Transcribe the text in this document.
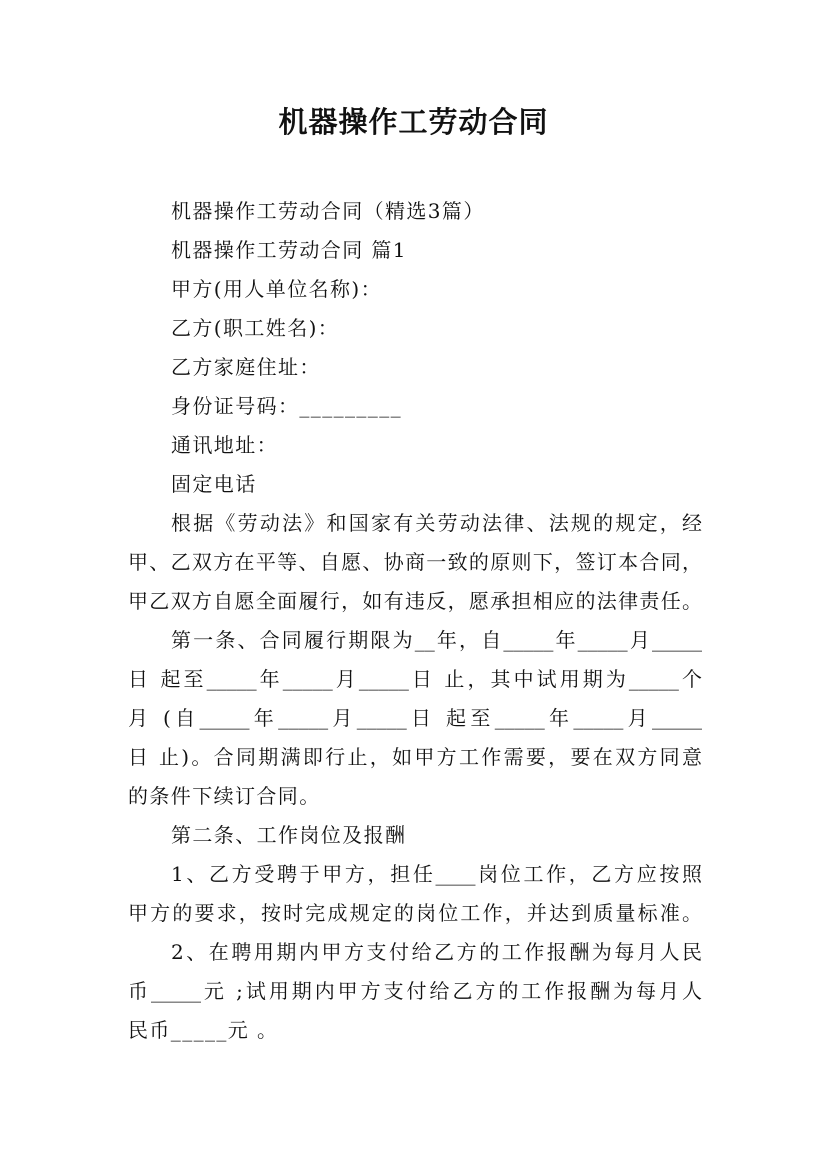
机器操作工劳动合同
机器操作工劳动合同（精选3篇）
机器操作工劳动合同 篇1
甲方(用人单位名称)：
乙方(职工姓名)：
乙方家庭住址：
身份证号码：_________
通讯地址：
固定电话
根据《劳动法》和国家有关劳动法律、法规的规定，经
甲、乙双方在平等、自愿、协商一致的原则下，签订本合同，
甲乙双方自愿全面履行，如有违反，愿承担相应的法律责任。
第一条、合同履行期限为__年，自_____年_____月_____
日 起至_____年_____月_____日 止，其中试用期为_____个
月 (自_____年_____月_____日 起至_____年_____月_____
日 止)。合同期满即行止，如甲方工作需要，要在双方同意
的条件下续订合同。
第二条、工作岗位及报酬
1、乙方受聘于甲方，担任____岗位工作，乙方应按照
甲方的要求，按时完成规定的岗位工作，并达到质量标准。
2、在聘用期内甲方支付给乙方的工作报酬为每月人民
币_____元 ;试用期内甲方支付给乙方的工作报酬为每月人
民币_____元 。
